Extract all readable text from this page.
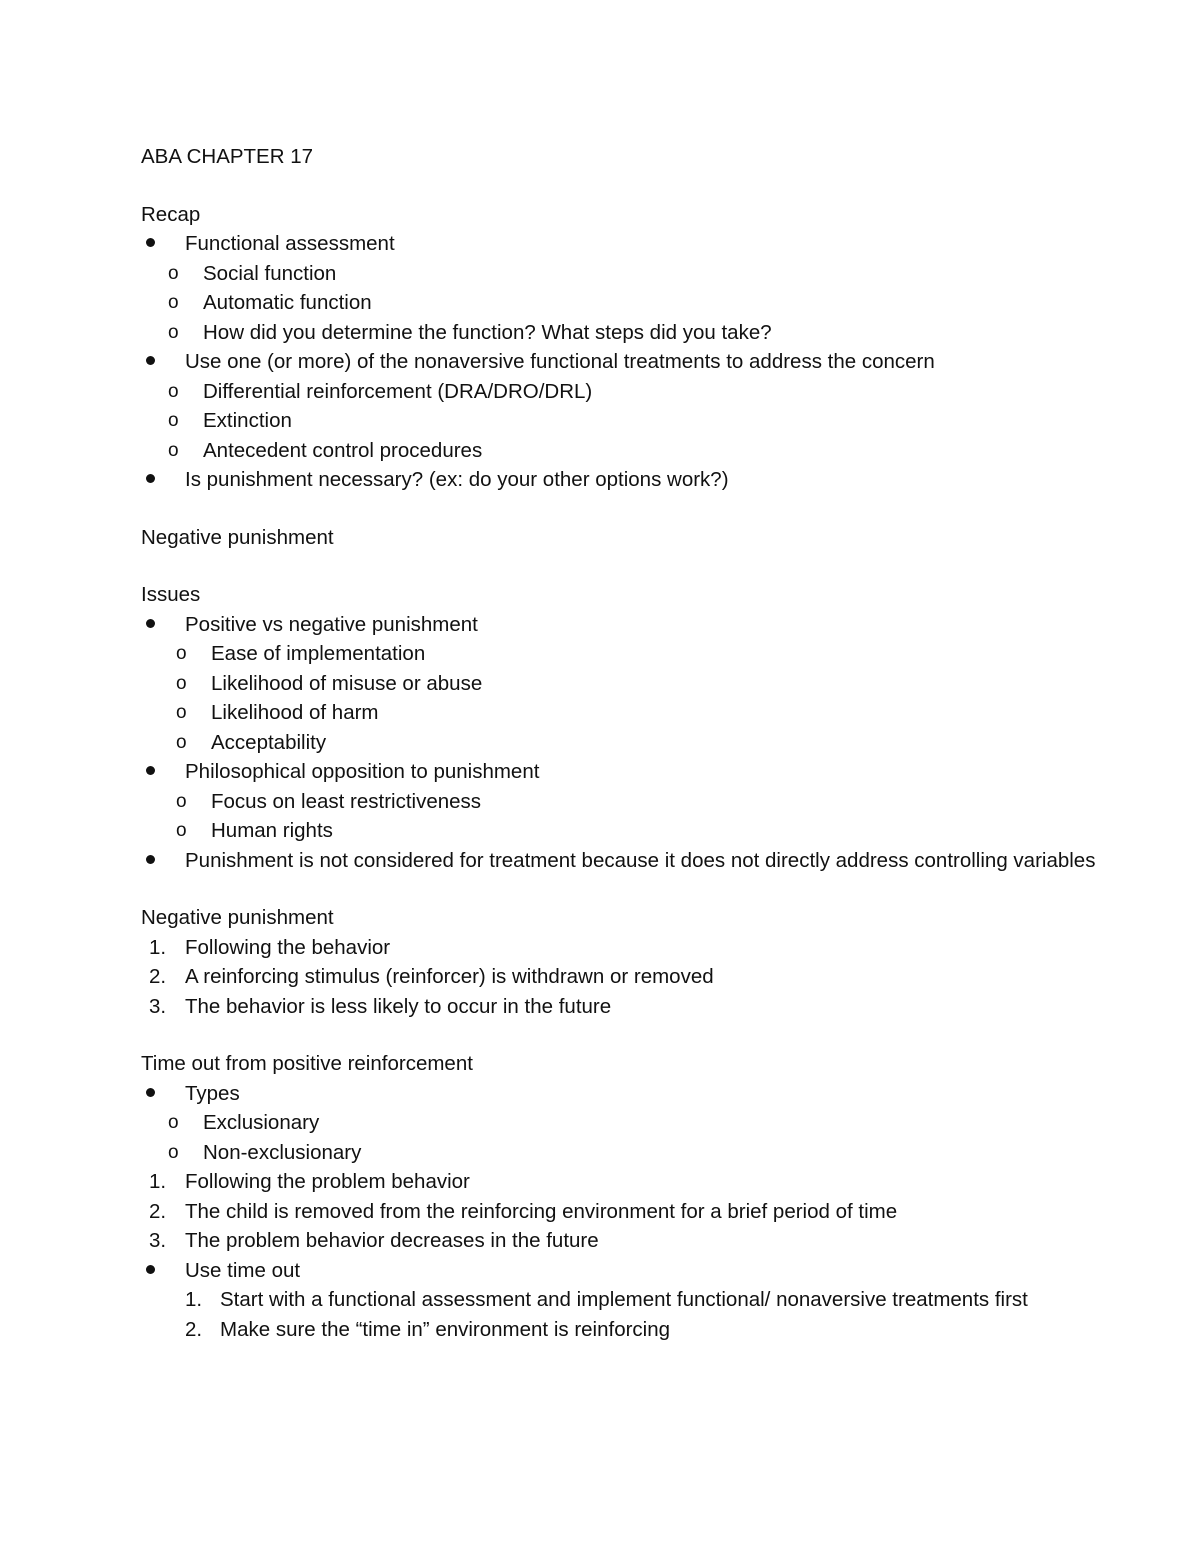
ABA CHAPTER 17

Recap

Functional assessment
o Social function
o Automatic function
o How did you determine the function? What steps did you take?
Use one (or more) of the nonaversive functional treatments to address the concern
o Differential reinforcement (DRA/DRO/DRL)
o Extinction
o Antecedent control procedures
Is punishment necessary? (ex: do your other options work?)

Negative punishment

Issues

Positive vs negative punishment
o Ease of implementation
o Likelihood of misuse or abuse
o Likelihood of harm
o Acceptability
Philosophical opposition to punishment
o Focus on least restrictiveness
o Human rights
Punishment is not considered for treatment because it does not directly address controlling variables

Negative punishment

1. Following the behavior
2. A reinforcing stimulus (reinforcer) is withdrawn or removed
3. The behavior is less likely to occur in the future

Time out from positive reinforcement

Types
o Exclusionary
o Non-exclusionary
1. Following the problem behavior
2. The child is removed from the reinforcing environment for a brief period of time
3. The problem behavior decreases in the future
Use time out
1. Start with a functional assessment and implement functional/ nonaversive treatments first
2. Make sure the “time in” environment is reinforcing
